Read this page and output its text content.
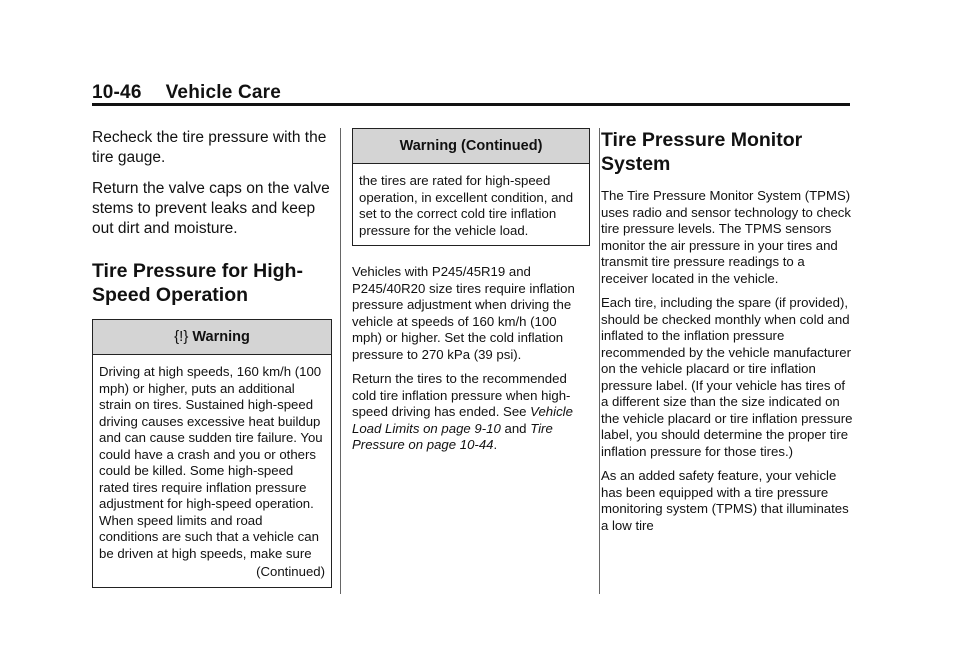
10-46 Vehicle Care

Recheck the tire pressure with the tire gauge.

Return the valve caps on the valve stems to prevent leaks and keep out dirt and moisture.

Tire Pressure for High-Speed Operation
{!} Warning
Driving at high speeds, 160 km/h (100 mph) or higher, puts an additional strain on tires. Sustained high-speed driving causes excessive heat buildup and can cause sudden tire failure. You could have a crash and you or others could be killed. Some high-speed rated tires require inflation pressure adjustment for high-speed operation. When speed limits and road conditions are such that a vehicle can be driven at high speeds, make sure
(Continued)
Warning (Continued)
the tires are rated for high-speed operation, in excellent condition, and set to the correct cold tire inflation pressure for the vehicle load.

Vehicles with P245/45R19 and P245/40R20 size tires require inflation pressure adjustment when driving the vehicle at speeds of 160 km/h (100 mph) or higher. Set the cold inflation pressure to 270 kPa (39 psi).

Return the tires to the recommended cold tire inflation pressure when high-speed driving has ended. See Vehicle Load Limits on page 9-10 and Tire Pressure on page 10-44.

Tire Pressure Monitor System

The Tire Pressure Monitor System (TPMS) uses radio and sensor technology to check tire pressure levels. The TPMS sensors monitor the air pressure in your tires and transmit tire pressure readings to a receiver located in the vehicle.

Each tire, including the spare (if provided), should be checked monthly when cold and inflated to the inflation pressure recommended by the vehicle manufacturer on the vehicle placard or tire inflation pressure label. (If your vehicle has tires of a different size than the size indicated on the vehicle placard or tire inflation pressure label, you should determine the proper tire inflation pressure for those tires.)

As an added safety feature, your vehicle has been equipped with a tire pressure monitoring system (TPMS) that illuminates a low tire
